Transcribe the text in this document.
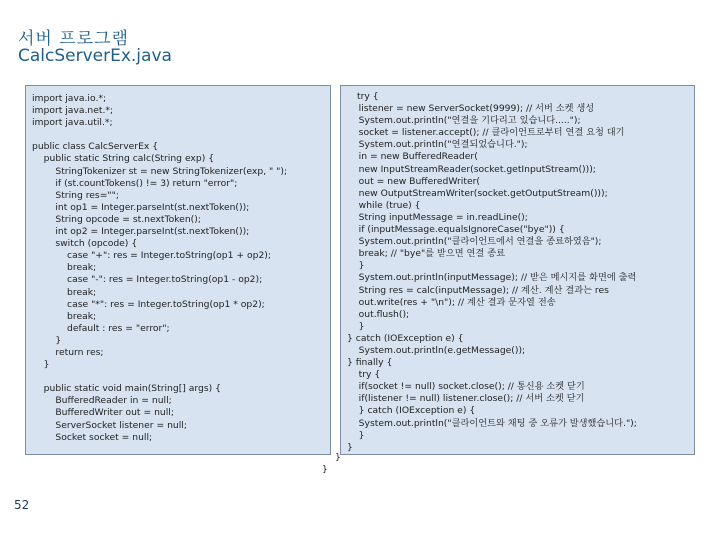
서버 프로그램
CalcServerEx.java
import java.io.*;
import java.net.*;
import java.util.*;

public class CalcServerEx {
public static String calc(String exp) {
StringTokenizer st = new StringTokenizer(exp, " ");
if (st.countTokens() != 3) return "error";
String res="";
int op1 = Integer.parseInt(st.nextToken());
String opcode = st.nextToken();
int op2 = Integer.parseInt(st.nextToken());
switch (opcode) {
case "+": res = Integer.toString(op1 + op2);
break;
case "-": res = Integer.toString(op1 - op2);
break;
case "*": res = Integer.toString(op1 * op2);
break;
default : res = "error";
}
return res;
}

public static void main(String[] args) {
BufferedReader in = null;
BufferedWriter out = null;
ServerSocket listener = null;
Socket socket = null;
try {
listener = new ServerSocket(9999); // 서버 소켓 생성
System.out.println("연결을 기다리고 있습니다.....");
socket = listener.accept(); // 클라이언트로부터 연결 요청 대기
System.out.println("연결되었습니다.");
in = new BufferedReader(
new InputStreamReader(socket.getInputStream()));
out = new BufferedWriter(
new OutputStreamWriter(socket.getOutputStream()));
while (true) {
String inputMessage = in.readLine();
if (inputMessage.equalsIgnoreCase("bye")) {
System.out.println("클라이언트에서 연결을 종료하였음");
break; // "bye"를 받으면 연결 종료
}
System.out.println(inputMessage); // 받은 메시지를 화면에 출력
String res = calc(inputMessage); // 계산. 계산 결과는 res
out.write(res + "\n"); // 계산 결과 문자열 전송
out.flush();
}
} catch (IOException e) {
System.out.println(e.getMessage());
} finally {
try {
if(socket != null) socket.close(); // 통신용 소켓 닫기
if(listener != null) listener.close(); // 서버 소켓 닫기
} catch (IOException e) {
System.out.println("클라이언트와 채팅 중 오류가 발생했습니다.");
}
}
}
}
52
